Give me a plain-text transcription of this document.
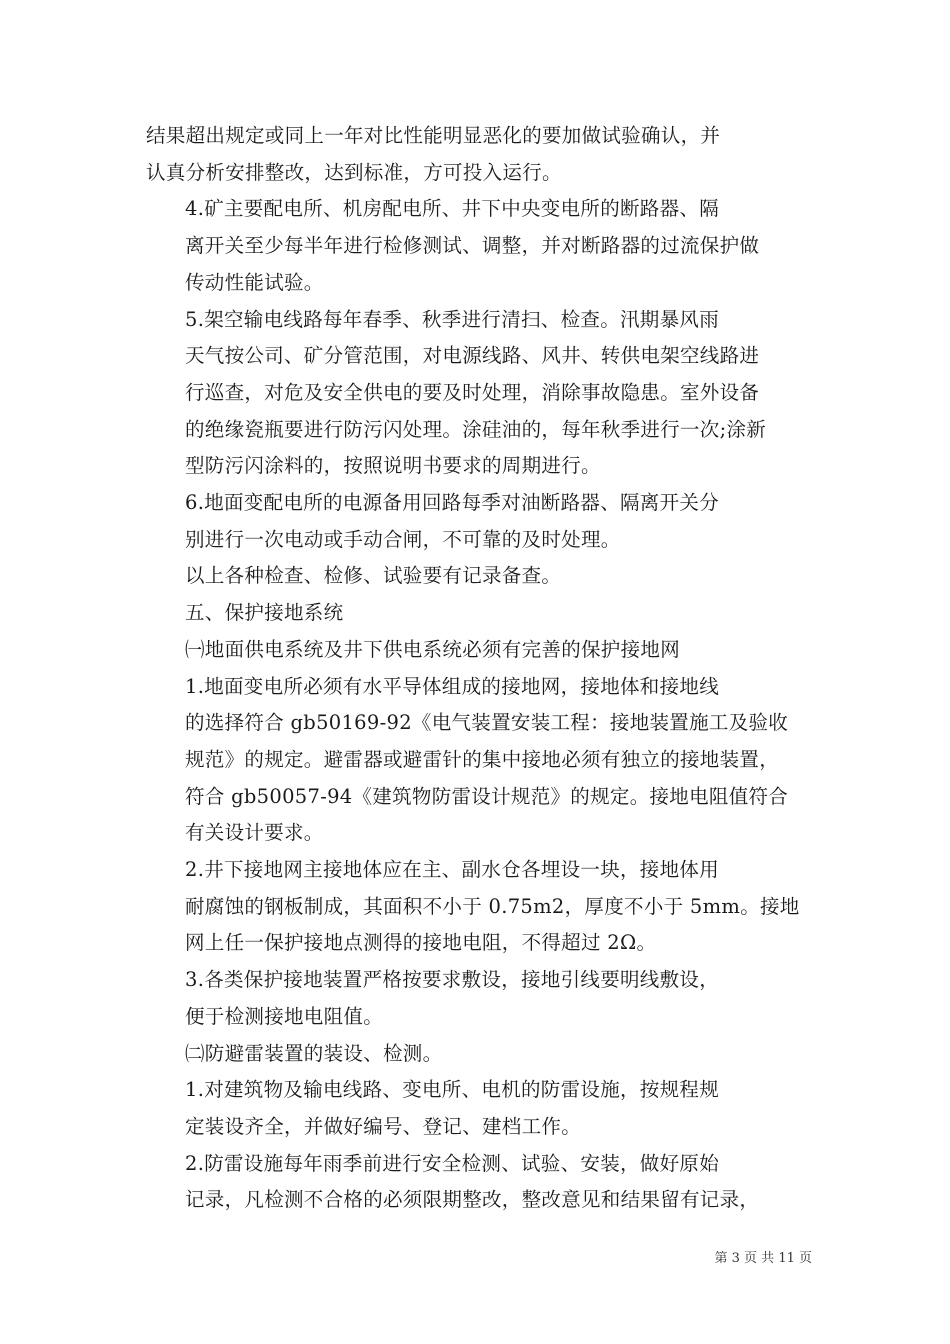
结果超出规定或同上一年对比性能明显恶化的要加做试验确认，并
认真分析安排整改，达到标准，方可投入运行。

4.矿主要配电所、机房配电所、井下中央变电所的断路器、隔
离开关至少每半年进行检修测试、调整，并对断路器的过流保护做
传动性能试验。

5.架空输电线路每年春季、秋季进行清扫、检查。汛期暴风雨
天气按公司、矿分管范围，对电源线路、风井、转供电架空线路进
行巡查，对危及安全供电的要及时处理，消除事故隐患。室外设备
的绝缘瓷瓶要进行防污闪处理。涂硅油的，每年秋季进行一次;涂新
型防污闪涂料的，按照说明书要求的周期进行。

6.地面变配电所的电源备用回路每季对油断路器、隔离开关分
别进行一次电动或手动合闸，不可靠的及时处理。

以上各种检查、检修、试验要有记录备查。

五、保护接地系统

㈠地面供电系统及井下供电系统必须有完善的保护接地网

1.地面变电所必须有水平导体组成的接地网，接地体和接地线
的选择符合 gb50169-92《电气装置安装工程：接地装置施工及验收
规范》的规定。避雷器或避雷针的集中接地必须有独立的接地装置，
符合 gb50057-94《建筑物防雷设计规范》的规定。接地电阻值符合
有关设计要求。

2.井下接地网主接地体应在主、副水仓各埋设一块，接地体用
耐腐蚀的钢板制成，其面积不小于 0.75m2，厚度不小于 5mm。接地
网上任一保护接地点测得的接地电阻，不得超过 2Ω。

3.各类保护接地装置严格按要求敷设，接地引线要明线敷设，
便于检测接地电阻值。

㈡防避雷装置的装设、检测。

1.对建筑物及输电线路、变电所、电机的防雷设施，按规程规
定装设齐全，并做好编号、登记、建档工作。

2.防雷设施每年雨季前进行安全检测、试验、安装，做好原始
记录，凡检测不合格的必须限期整改，整改意见和结果留有记录，

第 3 页 共 11 页
